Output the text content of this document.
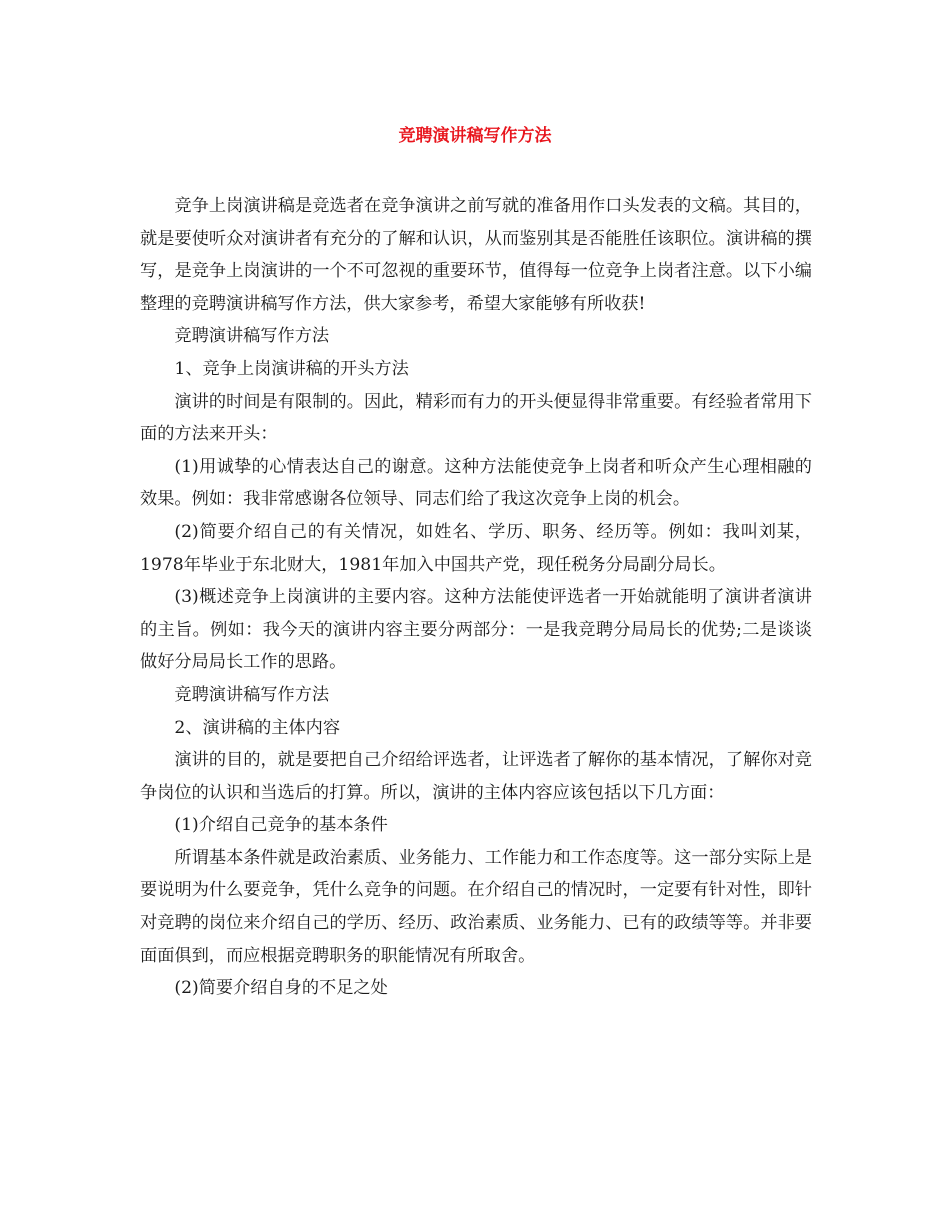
竞聘演讲稿写作方法

竞争上岗演讲稿是竞选者在竞争演讲之前写就的准备用作口头发表的文稿。其目的，就是要使听众对演讲者有充分的了解和认识，从而鉴别其是否能胜任该职位。演讲稿的撰写，是竞争上岗演讲的一个不可忽视的重要环节，值得每一位竞争上岗者注意。以下小编整理的竞聘演讲稿写作方法，供大家参考，希望大家能够有所收获!

竞聘演讲稿写作方法

1、竞争上岗演讲稿的开头方法

演讲的时间是有限制的。因此，精彩而有力的开头便显得非常重要。有经验者常用下面的方法来开头：

(1)用诚挚的心情表达自己的谢意。这种方法能使竞争上岗者和听众产生心理相融的效果。例如：我非常感谢各位领导、同志们给了我这次竞争上岗的机会。

(2)简要介绍自己的有关情况，如姓名、学历、职务、经历等。例如：我叫刘某，1978年毕业于东北财大，1981年加入中国共产党，现任税务分局副分局长。

(3)概述竞争上岗演讲的主要内容。这种方法能使评选者一开始就能明了演讲者演讲的主旨。例如：我今天的演讲内容主要分两部分：一是我竞聘分局局长的优势;二是谈谈做好分局局长工作的思路。

竞聘演讲稿写作方法

2、演讲稿的主体内容

演讲的目的，就是要把自己介绍给评选者，让评选者了解你的基本情况，了解你对竞争岗位的认识和当选后的打算。所以，演讲的主体内容应该包括以下几方面：

(1)介绍自己竞争的基本条件

所谓基本条件就是政治素质、业务能力、工作能力和工作态度等。这一部分实际上是要说明为什么要竞争，凭什么竞争的问题。在介绍自己的情况时，一定要有针对性，即针对竞聘的岗位来介绍自己的学历、经历、政治素质、业务能力、已有的政绩等等。并非要面面俱到，而应根据竞聘职务的职能情况有所取舍。

(2)简要介绍自身的不足之处
